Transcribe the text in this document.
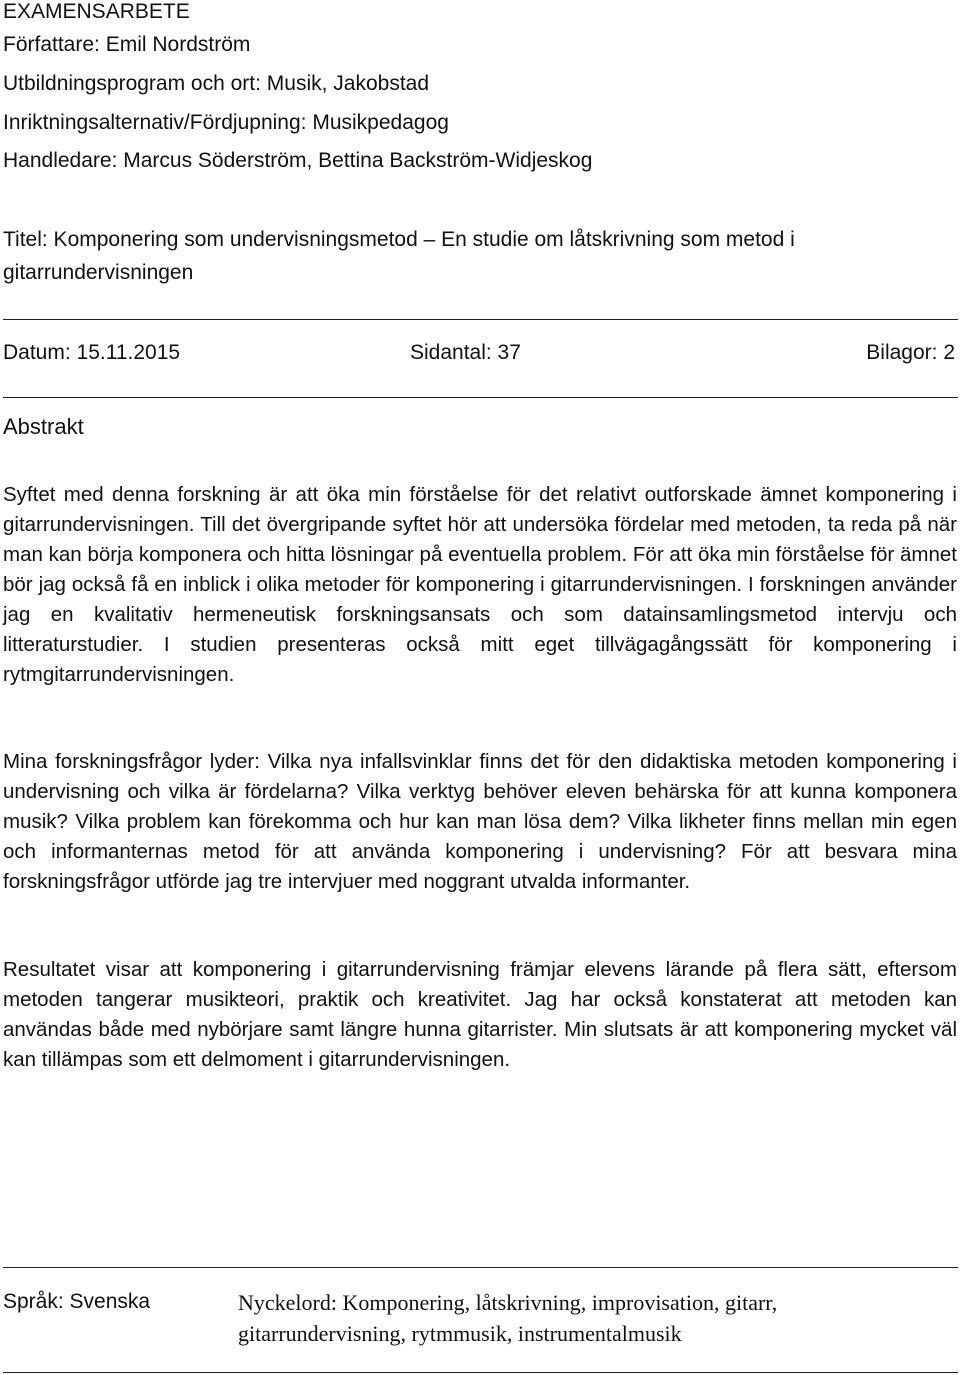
EXAMENSARBETE
Författare: Emil Nordström
Utbildningsprogram och ort: Musik, Jakobstad
Inriktningsalternativ/Fördjupning: Musikpedagog
Handledare: Marcus Söderström, Bettina Backström-Widjeskog
Titel: Komponering som undervisningsmetod – En studie om låtskrivning som metod i gitarrundervisningen
Datum: 15.11.2015	Sidantal: 37	Bilagor: 2
Abstrakt

Syftet med denna forskning är att öka min förståelse för det relativt outforskade ämnet komponering i gitarrundervisningen. Till det övergripande syftet hör att undersöka fördelar med metoden, ta reda på när man kan börja komponera och hitta lösningar på eventuella problem. För att öka min förståelse för ämnet bör jag också få en inblick i olika metoder för komponering i gitarrundervisningen. I forskningen använder jag en kvalitativ hermeneutisk forskningsansats och som datainsamlingsmetod intervju och litteraturstudier. I studien presenteras också mitt eget tillvägagångssätt för komponering i rytmgitarrundervisningen.

Mina forskningsfrågor lyder: Vilka nya infallsvinklar finns det för den didaktiska metoden komponering i undervisning och vilka är fördelarna? Vilka verktyg behöver eleven behärska för att kunna komponera musik? Vilka problem kan förekomma och hur kan man lösa dem? Vilka likheter finns mellan min egen och informanternas metod för att använda komponering i undervisning? För att besvara mina forskningsfrågor utförde jag tre intervjuer med noggrant utvalda informanter.

Resultatet visar att komponering i gitarrundervisning främjar elevens lärande på flera sätt, eftersom metoden tangerar musikteori, praktik och kreativitet. Jag har också konstaterat att metoden kan användas både med nybörjare samt längre hunna gitarrister. Min slutsats är att komponering mycket väl kan tillämpas som ett delmoment i gitarrundervisningen.

Språk: Svenska	Nyckelord: Komponering, låtskrivning, improvisation, gitarr, gitarrundervisning, rytmmusik, instrumentalmusik
